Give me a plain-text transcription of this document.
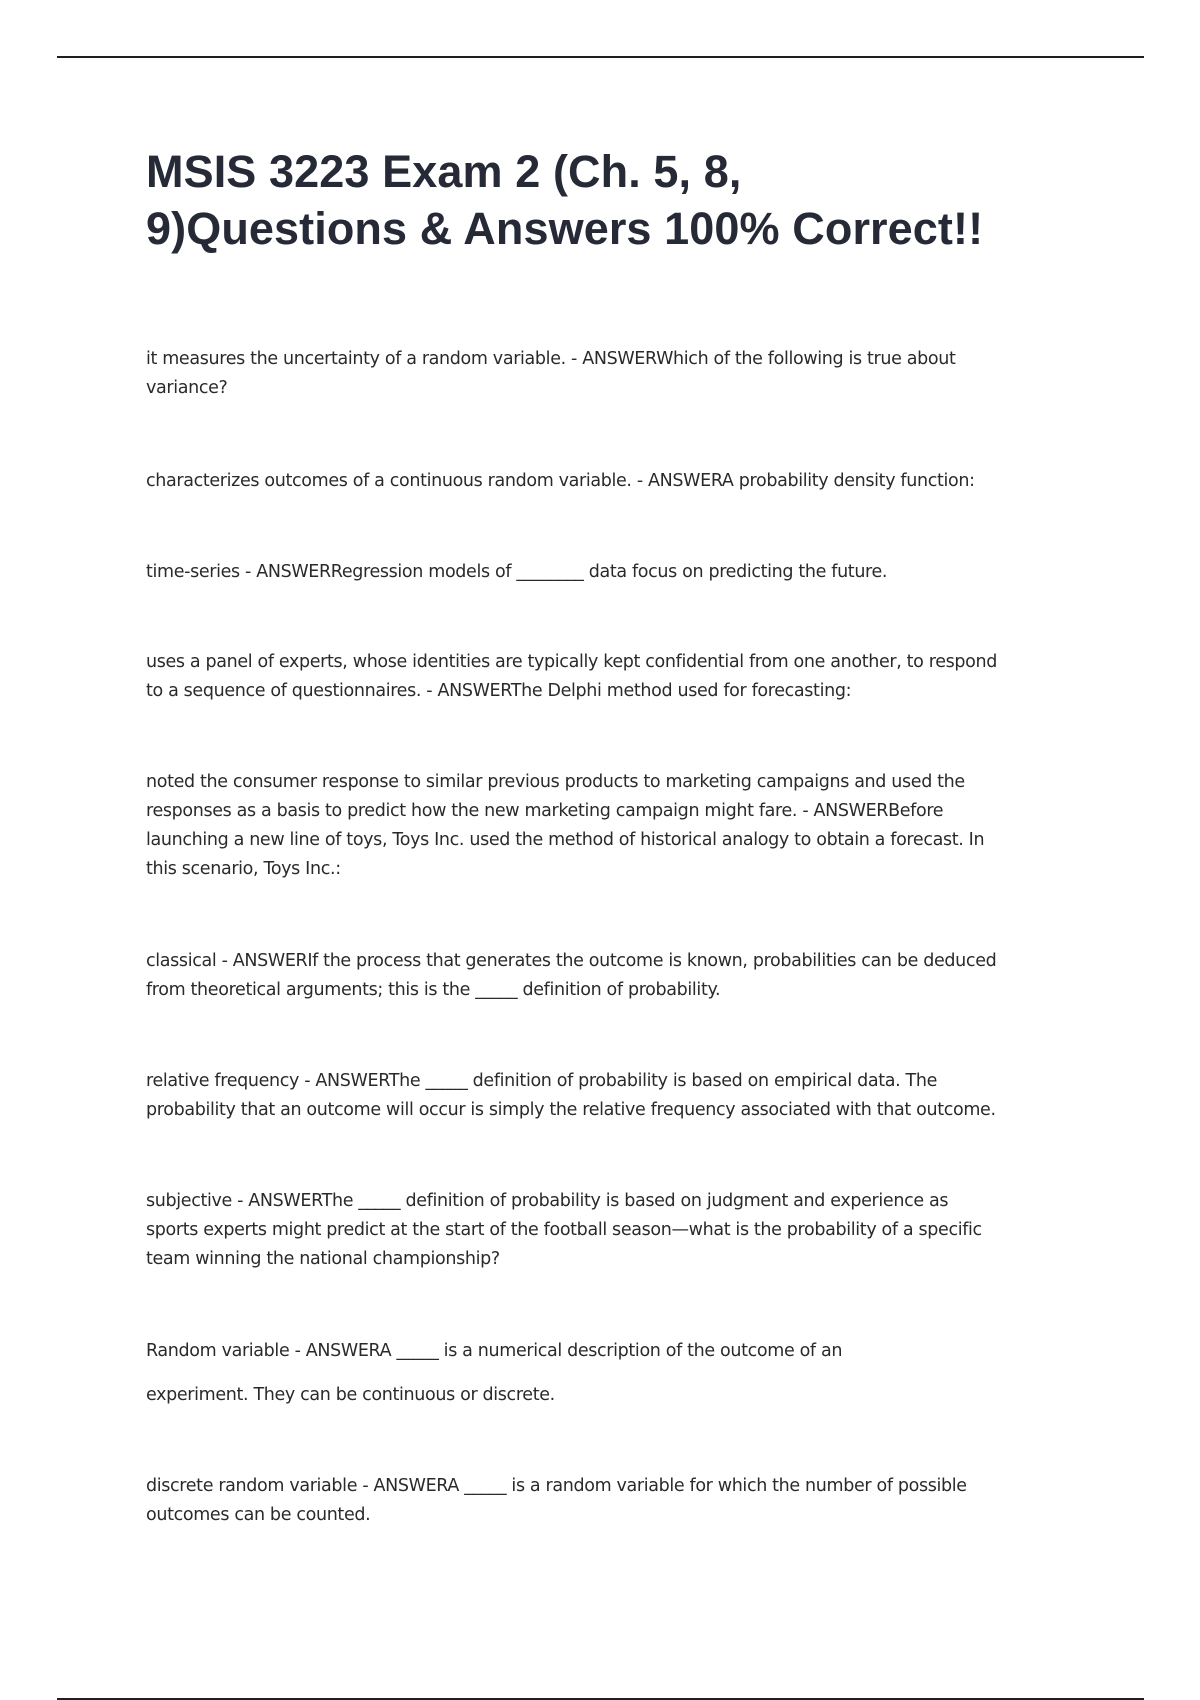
MSIS 3223 Exam 2 (Ch. 5, 8,
9)Questions & Answers 100% Correct!!

it measures the uncertainty of a random variable. - ANSWERWhich of the following is true about
variance?

characterizes outcomes of a continuous random variable. - ANSWERA probability density function:

time-series - ANSWERRegression models of ________ data focus on predicting the future.

uses a panel of experts, whose identities are typically kept confidential from one another, to respond
to a sequence of questionnaires. - ANSWERThe Delphi method used for forecasting:

noted the consumer response to similar previous products to marketing campaigns and used the
responses as a basis to predict how the new marketing campaign might fare. - ANSWERBefore
launching a new line of toys, Toys Inc. used the method of historical analogy to obtain a forecast. In
this scenario, Toys Inc.:

classical - ANSWERIf the process that generates the outcome is known, probabilities can be deduced
from theoretical arguments; this is the _____ definition of probability.

relative frequency - ANSWERThe _____ definition of probability is based on empirical data. The
probability that an outcome will occur is simply the relative frequency associated with that outcome.

subjective - ANSWERThe _____ definition of probability is based on judgment and experience as
sports experts might predict at the start of the football season—what is the probability of a specific
team winning the national championship?

Random variable - ANSWERA _____ is a numerical description of the outcome of an
experiment. They can be continuous or discrete.

discrete random variable - ANSWERA _____ is a random variable for which the number of possible
outcomes can be counted.
